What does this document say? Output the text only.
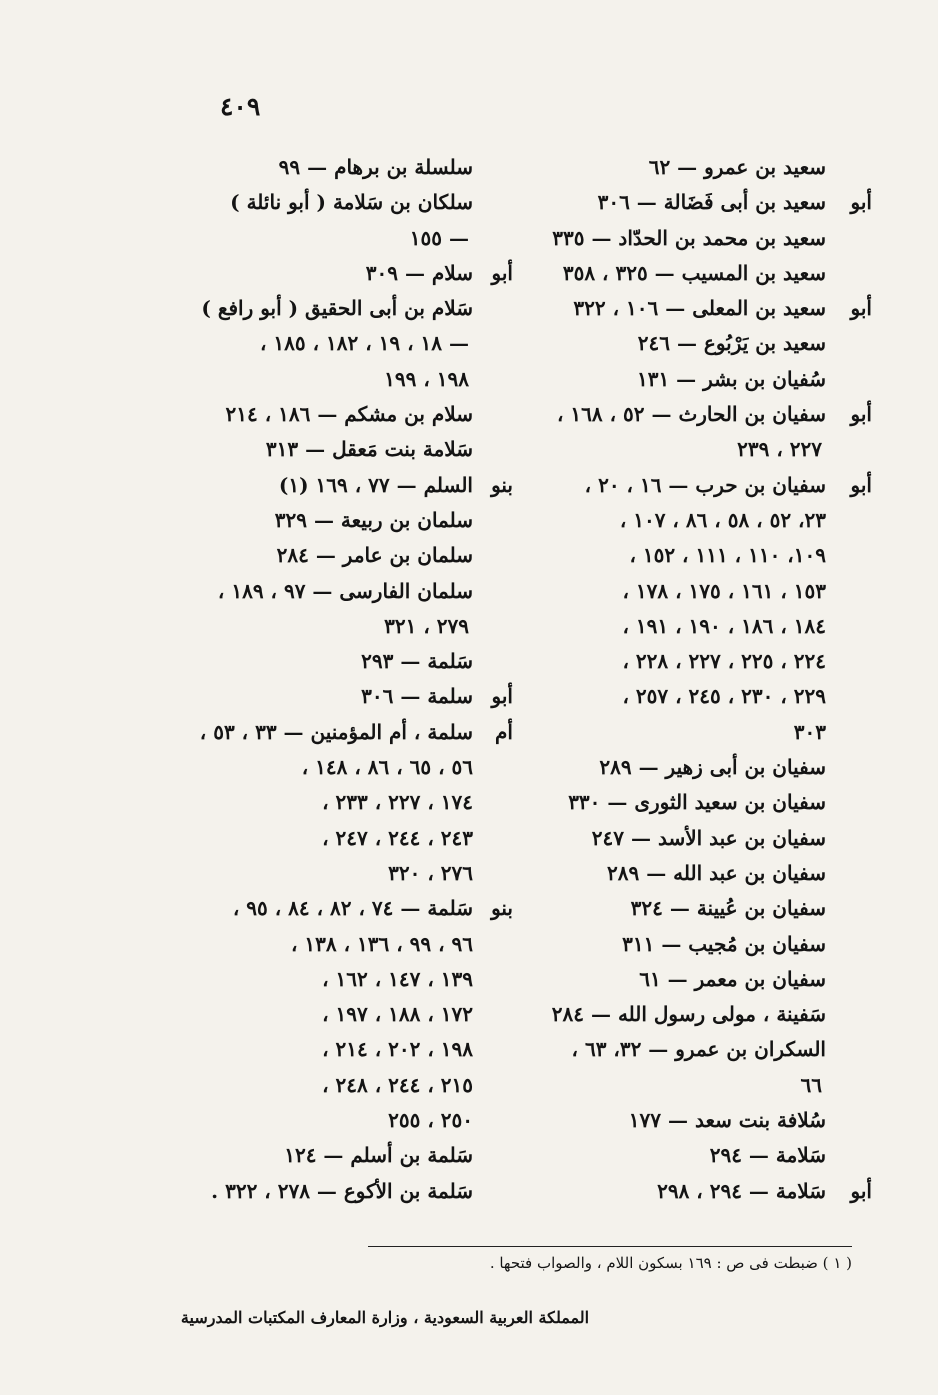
٤٠٩
سعيد بن عمرو — ٦٢
أبو
سعيد بن أبى فَضَالة — ٣٠٦
سعيد بن محمد بن الحدّاد — ٣٣٥
سعيد بن المسيب — ٣٢٥ ، ٣٥٨
أبو
سعيد بن المعلى — ١٠٦ ، ٣٢٢
سعيد بن يَرْبُوع — ٢٤٦
سُفيان بن بشر — ١٣١
أبو
سفيان بن الحارث — ٥٢ ، ١٦٨ ،
٢٢٧ ، ٢٣٩
أبو
سفيان بن حرب — ١٦ ، ٢٠ ،
٢٣، ٥٢ ، ٥٨ ، ٨٦ ، ١٠٧ ،
١٠٩، ١١٠ ، ١١١ ، ١٥٢ ،
١٥٣ ، ١٦١ ، ١٧٥ ، ١٧٨ ،
١٨٤ ، ١٨٦ ، ١٩٠ ، ١٩١ ،
٢٢٤ ، ٢٢٥ ، ٢٢٧ ، ٢٢٨ ،
٢٢٩ ، ٢٣٠ ، ٢٤٥ ، ٢٥٧ ،
٣٠٣
سفيان بن أبى زهير — ٢٨٩
سفيان بن سعيد الثورى — ٣٣٠
سفيان بن عبد الأسد — ٢٤٧
سفيان بن عبد الله — ٢٨٩
سفيان بن عُيينة — ٣٢٤
سفيان بن مُجيب — ٣١١
سفيان بن معمر — ٦١
سَفينة ، مولى رسول الله — ٢٨٤
السكران بن عمرو — ٣٢، ٦٣ ،
٦٦
سُلافة بنت سعد — ١٧٧
سَلامة — ٢٩٤
أبو
سَلامة — ٢٩٤ ، ٢٩٨
سلسلة بن برهام — ٩٩
سلكان بن سَلامة ( أبو نائلة )
— ١٥٥
أبو
سلام — ٣٠٩
سَلام بن أبى الحقيق ( أبو رافع )
— ١٨ ، ١٩ ، ١٨٢ ، ١٨٥ ،
١٩٨ ، ١٩٩
سلام بن مشكم — ١٨٦ ، ٢١٤
سَلامة بنت مَعقل — ٣١٣
بنو
السلم — ٧٧ ، ١٦٩ (١)
سلمان بن ربيعة — ٣٢٩
سلمان بن عامر — ٢٨٤
سلمان الفارسى — ٩٧ ، ١٨٩ ،
٢٧٩ ، ٣٢١
سَلمة — ٢٩٣
أبو
سلمة — ٣٠٦
أم
سلمة ، أم المؤمنين — ٣٣ ، ٥٣ ،
٥٦ ، ٦٥ ، ٨٦ ، ١٤٨ ،
١٧٤ ، ٢٢٧ ، ٢٣٣ ،
٢٤٣ ، ٢٤٤ ، ٢٤٧ ،
٢٧٦ ، ٣٢٠
بنو
سَلمة — ٧٤ ، ٨٢ ، ٨٤ ، ٩٥ ،
٩٦ ، ٩٩ ، ١٣٦ ، ١٣٨ ،
١٣٩ ، ١٤٧ ، ١٦٢ ،
١٧٢ ، ١٨٨ ، ١٩٧ ،
١٩٨ ، ٢٠٢ ، ٢١٤ ،
٢١٥ ، ٢٤٤ ، ٢٤٨ ،
٢٥٠ ، ٢٥٥
سَلمة بن أسلم — ١٢٤
سَلمة بن الأكوع — ٢٧٨ ، ٣٢٢ .
( ١ ) ضبطت فى ص : ١٦٩ بسكون اللام ، والصواب فتحها .
المملكة العربية السعودية ، وزارة المعارف المكتبات المدرسية
